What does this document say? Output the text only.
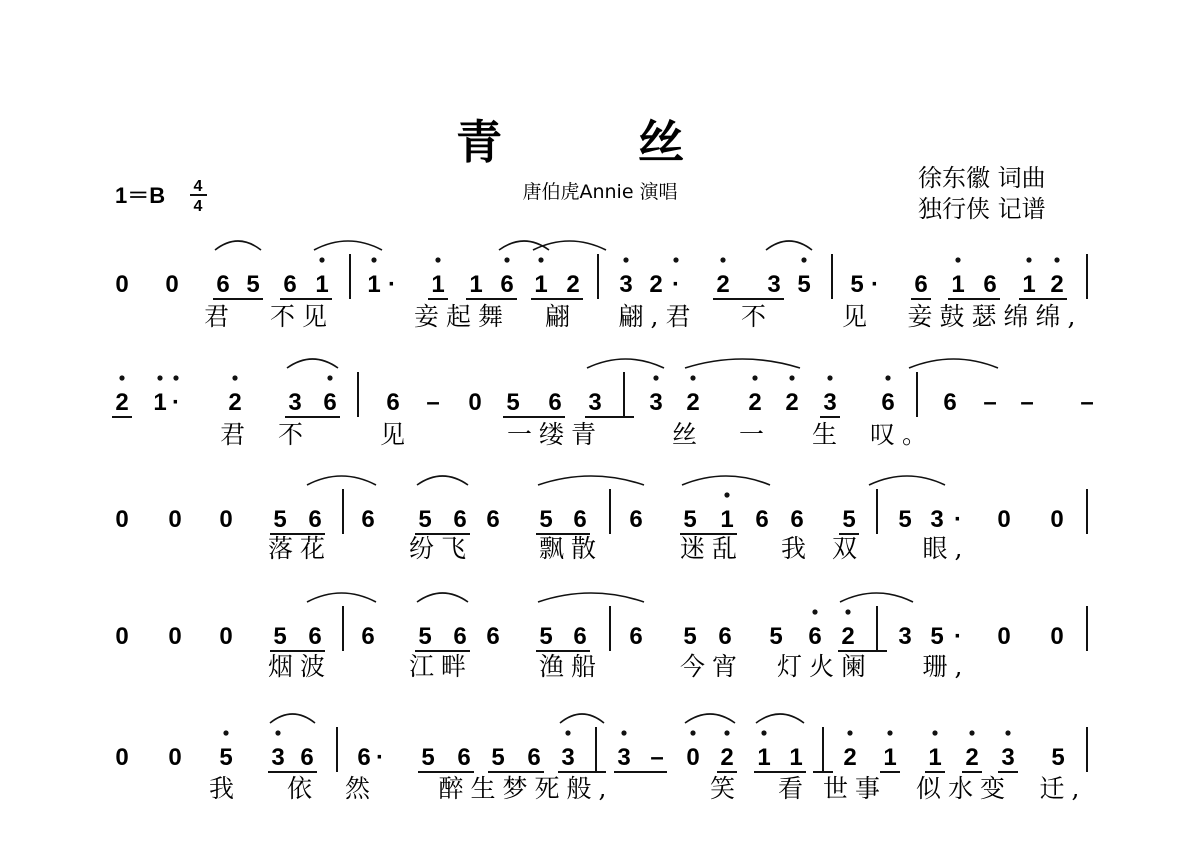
青 丝
唐伯虎Annie 演唱	徐东徽 词曲
独行侠 记谱
1＝B 4
4
0 0 6 5 6 1 1 · 1 1 6 1 2 3 2 · 2 3 5 5 · 6 1 6 1 2
君 不见	妾起舞 翩 翩,君 不	见 妾鼓瑟绵绵,
2 1 · 2 3 6 6 – 0 5 6 3 3 2 2 2 3 6 6 – – –
君 不	见	一缕青	丝 一 生 叹。
0 0 0 5 6 6 5 6 6 5 6 6 5 1 6 6 5 5 3 · 0 0
落花	纷飞	飘散	迷乱 我 双 眼,
0 0 0 5 6 6 5 6 6 5 6 6 5 6 5 6 2 3 5 · 0 0
烟波	江畔	渔船	今宵 灯火阑 珊,
0 0 5 3 6 6 · 5 6 5 6 3 3 – 0 2 1 1 2 1 1 2 3 5
我 依 然 醉生梦死般,	笑 看 世事 似水变 迁,
